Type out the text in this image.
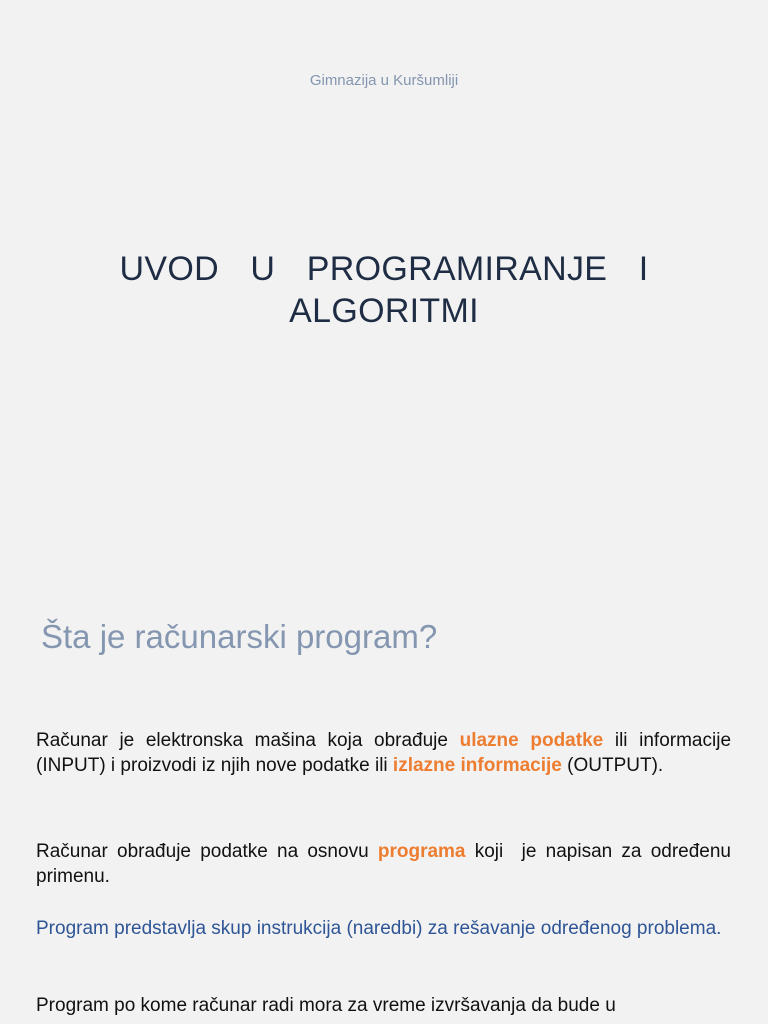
Gimnazija u Kuršumliji
UVOD  U  PROGRAMIRANJE  I
ALGORITMI
Šta je računarski program?
Računar je elektronska mašina koja obrađuje ulazne podatke ili informacije (INPUT) i proizvodi iz njih nove podatke ili izlazne informacije (OUTPUT).
Računar obrađuje podatke na osnovu programa koji  je napisan za određenu primenu.
Program predstavlja skup instrukcija (naredbi) za rešavanje određenog problema.
Program po kome računar radi mora za vreme izvršavanja da bude u
